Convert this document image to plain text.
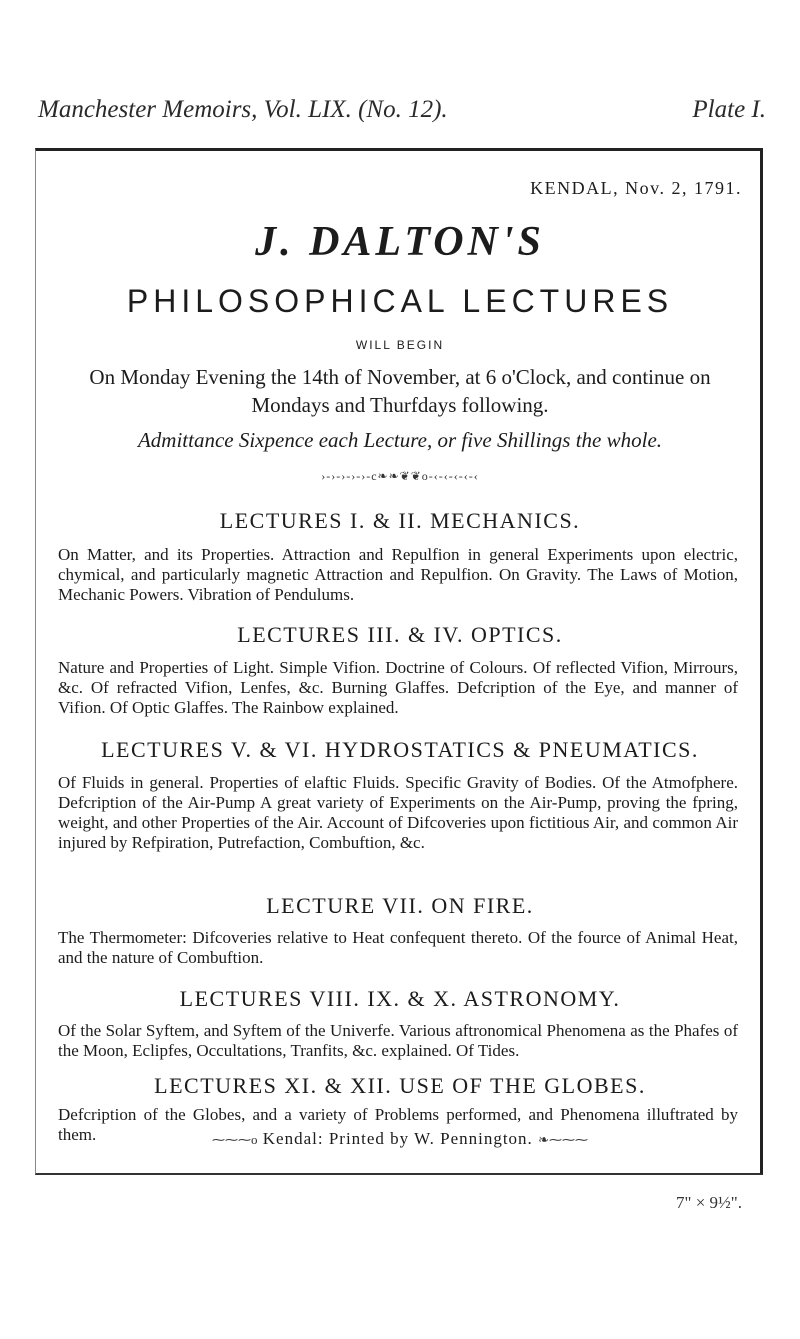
Manchester Memoirs, Vol. LIX. (No. 12).	Plate I.
KENDAL, Nov. 2, 1791.
J. DALTON'S
PHILOSOPHICAL LECTURES
WILL BEGIN
On Monday Evening the 14th of November, at 6 o'Clock, and continue on Mondays and Thurfdays following.
Admittance Sixpence each Lecture, or five Shillings the whole.
›-›-›-›-›-c❧❧❦❦o-‹-‹-‹-‹-‹
LECTURES I. & II. MECHANICS.
On Matter, and its Properties. Attraction and Repulfion in general Experiments upon electric, chymical, and particularly magnetic Attraction and Repulfion. On Gravity. The Laws of Motion, Mechanic Powers. Vibration of Pendulums.
LECTURES III. & IV. OPTICS.
Nature and Properties of Light. Simple Vifion. Doctrine of Colours. Of reflected Vifion, Mirrours, &c. Of refracted Vifion, Lenfes, &c. Burning Glaffes. Defcription of the Eye, and manner of Vifion. Of Optic Glaffes. The Rainbow explained.
LECTURES V. & VI. HYDROSTATICS & PNEUMATICS.
Of Fluids in general. Properties of elaftic Fluids. Specific Gravity of Bodies. Of the Atmofphere. Defcription of the Air-Pump A great variety of Experiments on the Air-Pump, proving the fpring, weight, and other Properties of the Air. Account of Difcoveries upon fictitious Air, and common Air injured by Refpiration, Putrefaction, Combuftion, &c.
LECTURE VII. ON FIRE.
The Thermometer: Difcoveries relative to Heat confequent thereto. Of the fource of Animal Heat, and the nature of Combuftion.
LECTURES VIII. IX. & X. ASTRONOMY.
Of the Solar Syftem, and Syftem of the Univerfe. Various aftronomical Phenomena as the Phafes of the Moon, Eclipfes, Occultations, Tranfits, &c. explained. Of Tides.
LECTURES XI. & XII. USE OF THE GLOBES.
Defcription of the Globes, and a variety of Problems performed, and Phenomena illuftrated by them.	⁓⁓⁓o Kendal: Printed by W. Pennington. ❧⁓⁓⁓
7" × 9½".
